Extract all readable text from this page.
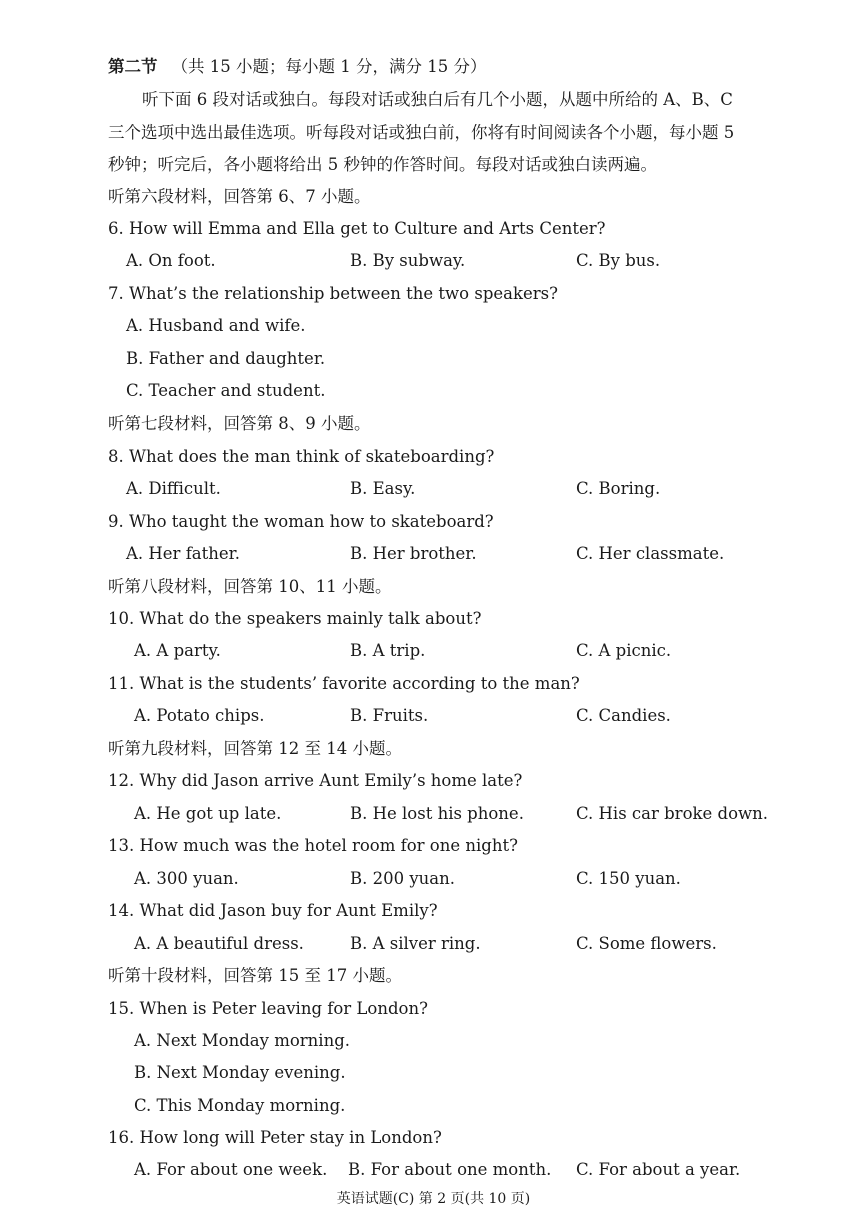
第二节 （共 15 小题；每小题 1 分，满分 15 分）
听下面 6 段对话或独白。每段对话或独白后有几个小题，从题中所给的 A、B、C
三个选项中选出最佳选项。听每段对话或独白前，你将有时间阅读各个小题，每小题 5
秒钟；听完后，各小题将给出 5 秒钟的作答时间。每段对话或独白读两遍。
听第六段材料，回答第 6、7 小题。
6. How will Emma and Ella get to Culture and Arts Center?
A. On foot.	B. By subway.	C. By bus.
7. What’s the relationship between the two speakers?
A. Husband and wife.
B. Father and daughter.
C. Teacher and student.
听第七段材料，回答第 8、9 小题。
8. What does the man think of skateboarding?
A. Difficult.	B. Easy.	C. Boring.
9. Who taught the woman how to skateboard?
A. Her father.	B. Her brother.	C. Her classmate.
听第八段材料，回答第 10、11 小题。
10. What do the speakers mainly talk about?
A. A party.	B. A trip.	C. A picnic.
11. What is the students’ favorite according to the man?
A. Potato chips.	B. Fruits.	C. Candies.
听第九段材料，回答第 12 至 14 小题。
12. Why did Jason arrive Aunt Emily’s home late?
A. He got up late.	B. He lost his phone.	C. His car broke down.
13. How much was the hotel room for one night?
A. 300 yuan.	B. 200 yuan.	C. 150 yuan.
14. What did Jason buy for Aunt Emily?
A. A beautiful dress.	B. A silver ring.	C. Some flowers.
听第十段材料，回答第 15 至 17 小题。
15. When is Peter leaving for London?
A. Next Monday morning.
B. Next Monday evening.
C. This Monday morning.
16. How long will Peter stay in London?
A. For about one week. B. For about one month. C. For about a year.
英语试题(C) 第 2 页(共 10 页)
